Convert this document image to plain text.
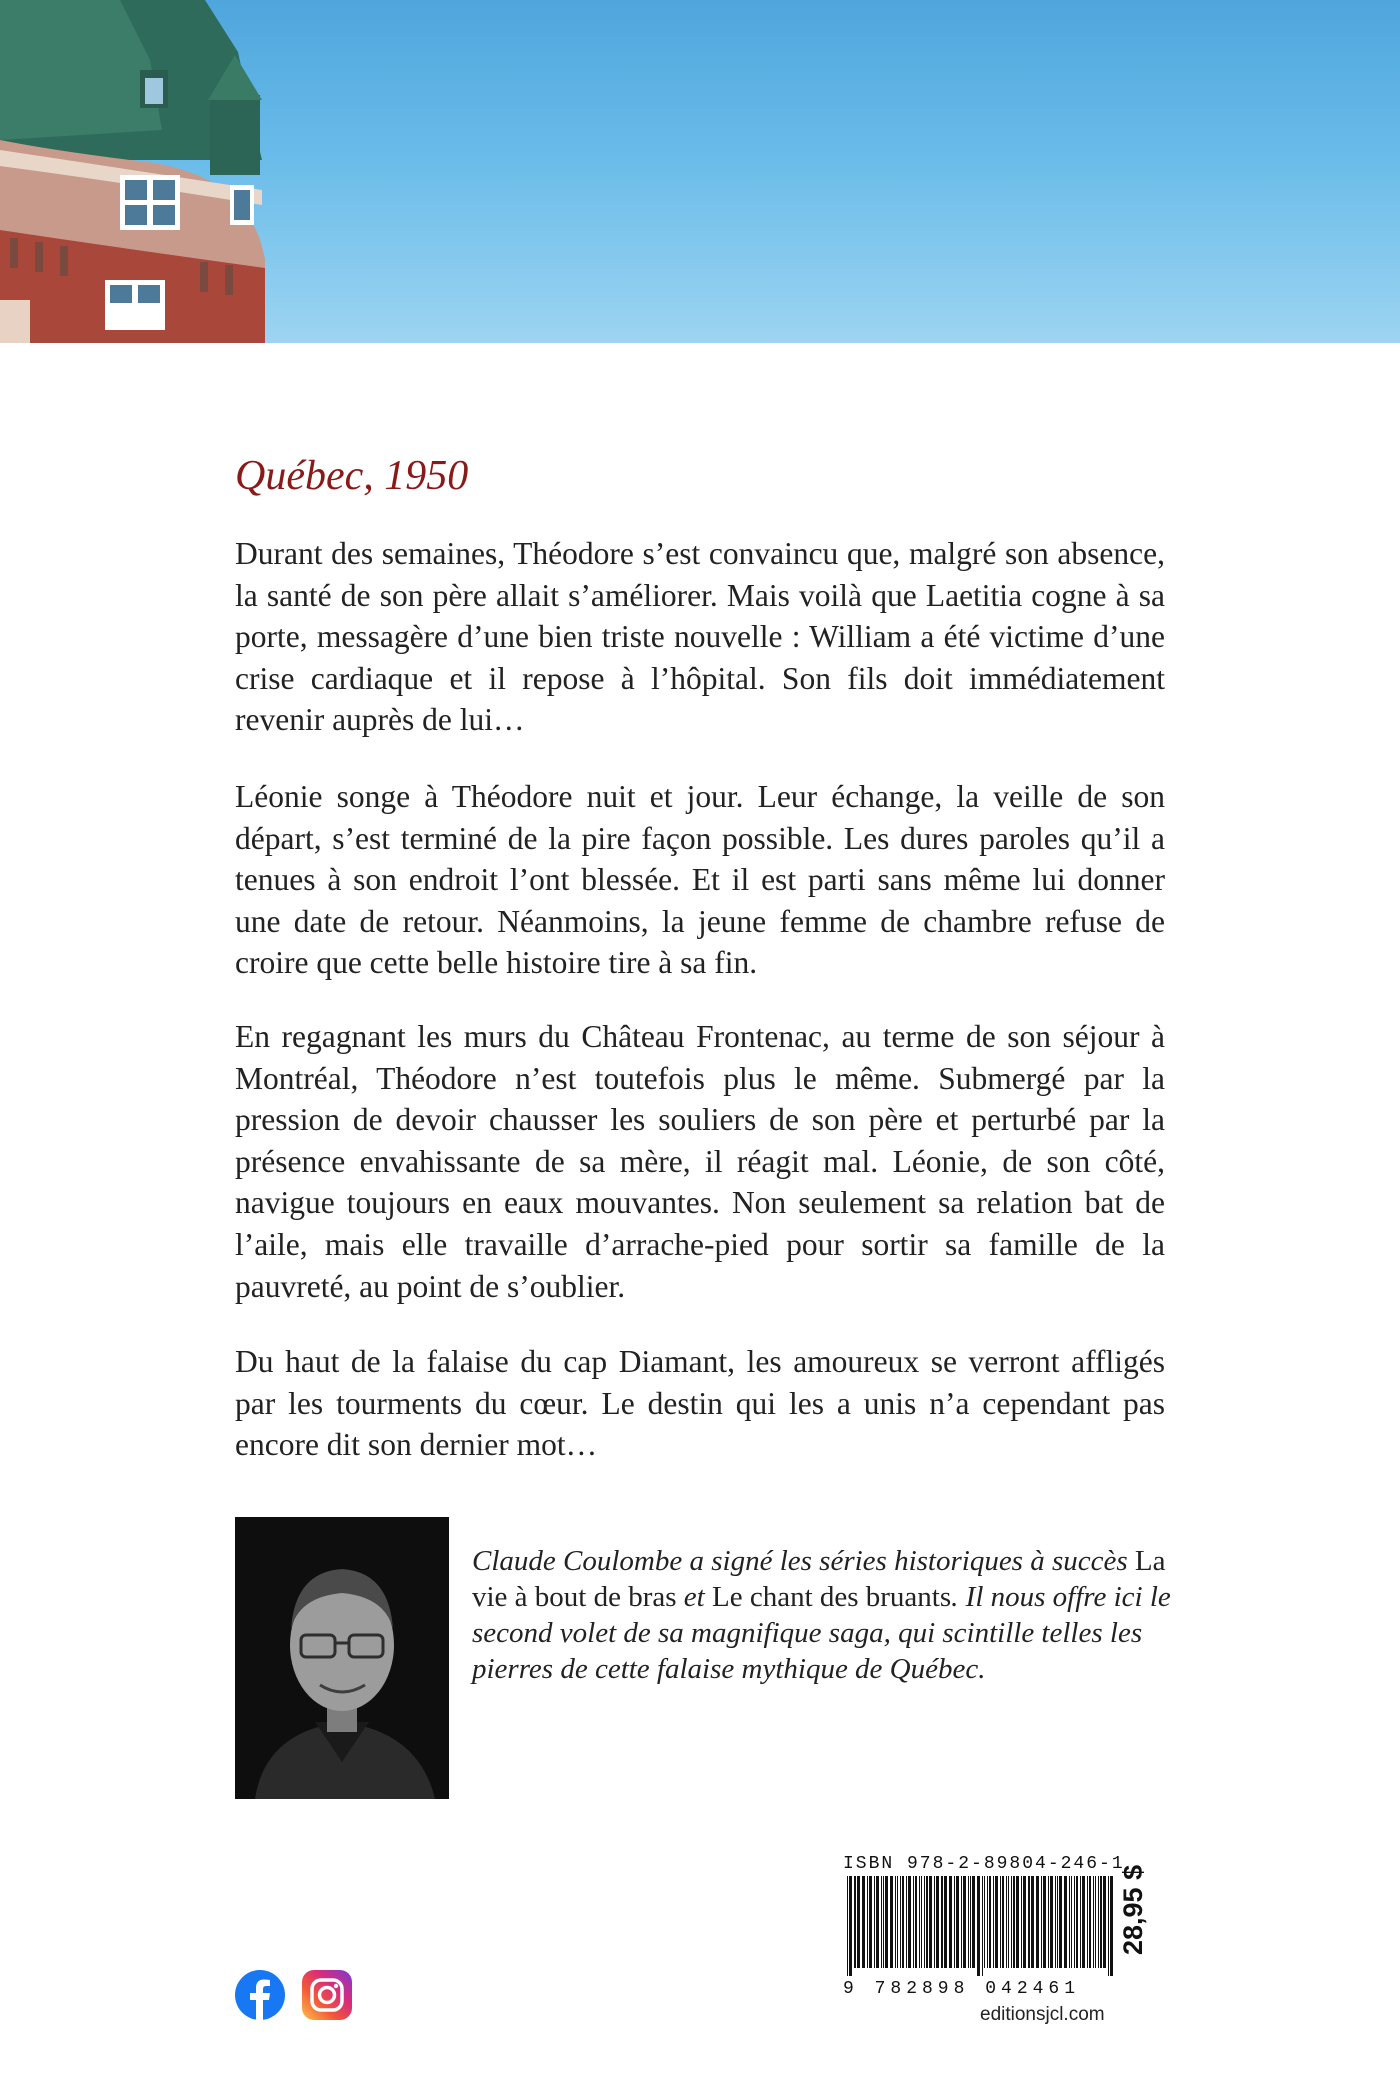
Québec, 1950

Durant des semaines, Théodore s’est convaincu que, malgré son absence, la santé de son père allait s’améliorer. Mais voilà que Laetitia cogne à sa porte, messagère d’une bien triste nouvelle : William a été victime d’une crise cardiaque et il repose à l’hôpital. Son fils doit immédiatement revenir auprès de lui…

Léonie songe à Théodore nuit et jour. Leur échange, la veille de son départ, s’est terminé de la pire façon possible. Les dures paroles qu’il a tenues à son endroit l’ont blessée. Et il est parti sans même lui donner une date de retour. Néanmoins, la jeune femme de chambre refuse de croire que cette belle histoire tire à sa fin.

En regagnant les murs du Château Frontenac, au terme de son séjour à Montréal, Théodore n’est toutefois plus le même. Submergé par la pression de devoir chausser les souliers de son père et perturbé par la présence envahissante de sa mère, il réagit mal. Léonie, de son côté, navigue toujours en eaux mouvantes. Non seulement sa relation bat de l’aile, mais elle travaille d’arrache-pied pour sortir sa famille de la pauvreté, au point de s’oublier.

Du haut de la falaise du cap Diamant, les amoureux se verront affligés par les tourments du cœur. Le destin qui les a unis n’a cependant pas encore dit son dernier mot…

Claude Coulombe a signé les séries historiques à succès La vie à bout de bras et Le chant des bruants. Il nous offre ici le second volet de sa magnifique saga, qui scintille telles les pierres de cette falaise mythique de Québec.

ISBN 978-2-89804-246-1
9 782898 042461
28,95 $
editionsjcl.com
